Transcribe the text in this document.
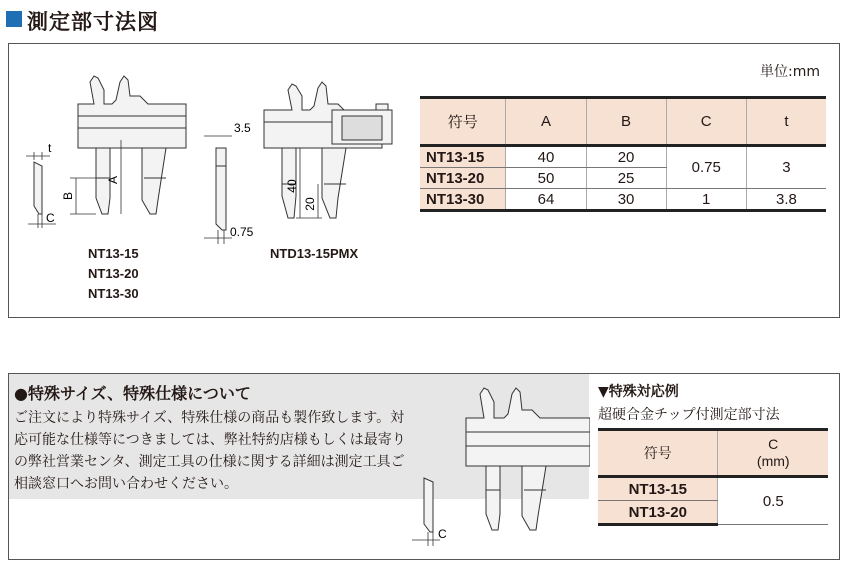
測定部寸法図
t
B
A
C
3.5
0.75
40
20
NT13-15
NT13-20
NT13-30
NTD13-15PMX
単位:mm
符号	A	B	C	t
NT13-15	40	20	0.75	3
NT13-20	50	25		
NT13-30	64	30	1	3.8
●特殊サイズ、特殊仕様について
ご注文により特殊サイズ、特殊仕様の商品も製作致します。対応可能な仕様等につきましては、弊社特約店様もしくは最寄りの弊社営業センタ、測定工具の仕様に関する詳細は測定工具ご相談窓口へお問い合わせください。
C
▼特殊対応例
超硬合金チップ付測定部寸法
符号	C
(mm)

NT13-15	0.5
NT13-20	
